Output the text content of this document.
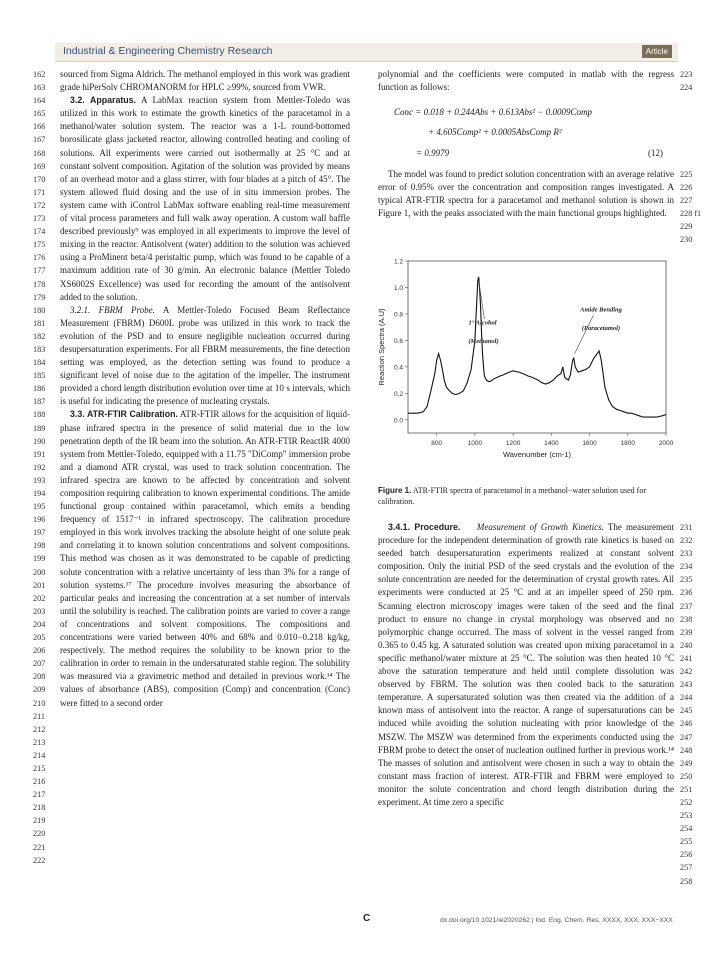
Industrial & Engineering Chemistry Research	Article
162
163
164
165
166
167
168
169
170
171
172
173
174
175
176
177
178
179
180
181
182
183
184
185
186
187
188
189
190
191
192
193
194
195
196
197
198
199
200
201
202
203
204
205
206
207
208
209
210
211
212
213
214
215
216
217
218
219
220
221
222

sourced from Sigma Aldrich. The methanol employed in this work was gradient grade hiPerSolv CHROMANORM for HPLC ≥99%, sourced from VWR.

3.2. Apparatus. A LabMax reaction system from Mettler-Toledo was utilized in this work to estimate the growth kinetics of the paracetamol in a methanol/water solution system. The reactor was a 1-L round-bottomed borosilicate glass jacketed reactor, allowing controlled heating and cooling of solutions. All experiments were carried out isothermally at 25 °C and at constant solvent composition. Agitation of the solution was provided by means of an overhead motor and a glass stirrer, with four blades at a pitch of 45°. The system allowed fluid dosing and the use of in situ immersion probes. The system came with iControl LabMax software enabling real-time measurement of vital process parameters and full walk away operation. A custom wall baffle described previously⁹ was employed in all experiments to improve the level of mixing in the reactor. Antisolvent (water) addition to the solution was achieved using a ProMinent beta/4 peristaltic pump, which was found to be capable of a maximum addition rate of 30 g/min. An electronic balance (Mettler Toledo XS6002S Excellence) was used for recording the amount of the antisolvent added to the solution.

3.2.1. FBRM Probe. A Mettler-Toledo Focused Beam Reflectance Measurement (FBRM) D600L probe was utilized in this work to track the evolution of the PSD and to ensure negligible nucleation occurred during desupersaturation experiments. For all FBRM measurements, the fine detection setting was employed, as the detection setting was found to produce a significant level of noise due to the agitation of the impeller. The instrument provided a chord length distribution evolution over time at 10 s intervals, which is useful for indicating the presence of nucleating crystals.

3.3. ATR-FTIR Calibration. ATR-FTIR allows for the acquisition of liquid-phase infrared spectra in the presence of solid material due to the low penetration depth of the IR beam into the solution. An ATR-FTIR ReactIR 4000 system from Mettler-Toledo, equipped with a 11.75 "DiComp" immersion probe and a diamond ATR crystal, was used to track solution concentration. The infrared spectra are known to be affected by concentration and solvent composition requiring calibration to known experimental conditions. The amide functional group contained within paracetamol, which emits a bending frequency of 1517⁻¹ in infrared spectroscopy. The calibration procedure employed in this work involves tracking the absolute height of one solute peak and correlating it to known solution concentrations and solvent compositions. This method was chosen as it was demonstrated to be capable of predicting solute concentration with a relative uncertainty of less than 3% for a range of solution systems.¹⁷ The procedure involves measuring the absorbance of particular peaks and increasing the concentration at a set number of intervals until the solubility is reached. The calibration points are varied to cover a range of concentrations and solvent compositions. The compositions and concentrations were varied between 40% and 68% and 0.010−0.218 kg/kg, respectively. The method requires the solubility to be known prior to the calibration in order to remain in the undersaturated stable region. The solubility was measured via a gravimetric method and detailed in previous work.¹⁴ The values of absorbance (ABS), composition (Comp) and concentration (Conc) were fitted to a second order

polynomial and the coefficients were computed in matlab with the regress function as follows:

223
224
Conc = 0.018 + 0.244Abs + 0.613Abs² − 0.0009Comp
+ 4.605Comp² + 0.0005AbsComp R²
= 0.9979	(12)

The model was found to predict solution concentration with an average relative error of 0.95% over the concentration and composition ranges investigated. A typical ATR-FTIR spectra for a paracetamol and methanol solution is shown in Figure 1, with the peaks associated with the main functional groups highlighted.

225
226
227
228 f1
229
230
0.0
0.2
0.4
0.6
0.8
1.0
1.2
800	1000	1200	1400	1600	1800	2000
Wavenumber (cm-1)
Reaction Spectra (A.U)	1° Alcohol
(Methanol)
Amide Bending
(Paracetamol)
Figure 1. ATR-FTIR spectra of paracetamol in a methanol−water solution used for calibration.

3.4.1. Procedure. Measurement of Growth Kinetics. The measurement procedure for the independent determination of growth rate kinetics is based on seeded batch desupersaturation experiments realized at constant solvent composition. Only the initial PSD of the seed crystals and the evolution of the solute concentration are needed for the determination of crystal growth rates. All experiments were conducted at 25 °C and at an impeller speed of 250 rpm. Scanning electron microscopy images were taken of the seed and the final product to ensure no change in crystal morphology was observed and no polymorphic change occurred. The mass of solvent in the vessel ranged from 0.365 to 0.45 kg. A saturated solution was created upon mixing paracetamol in a specific methanol/water mixture at 25 °C. The solution was then heated 10 °C above the saturation temperature and held until complete dissolution was observed by FBRM. The solution was then cooled back to the saturation temperature. A supersaturated solution was then created via the addition of a known mass of antisolvent into the reactor. A range of supersaturations can be induced while avoiding the solution nucleating with prior knowledge of the MSZW. The MSZW was determined from the experiments conducted using the FBRM probe to detect the onset of nucleation outlined further in previous work.¹⁴ The masses of solution and antisolvent were chosen in such a way to obtain the constant mass fraction of interest. ATR-FTIR and FBRM were employed to monitor the solute concentration and chord length distribution during the experiment. At time zero a specific

231
232
233
234
235
236
237
238
239
240
241
242
243
244
245
246
247
248
249
250
251
252
253
254
255
256
257
258
C	dx.doi.org/10.1021/ie2020262 | Ind. Eng. Chem. Res. XXXX, XXX, XXX−XXX
